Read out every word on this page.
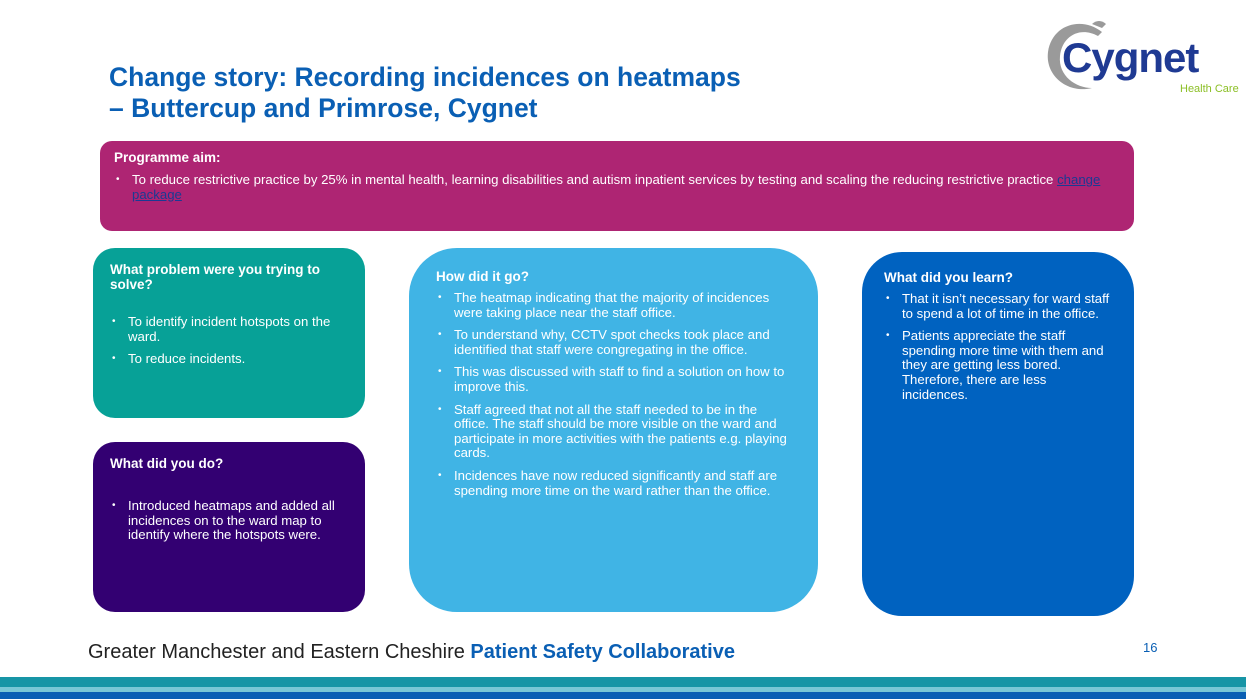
Change story: Recording incidences on heatmaps
– Buttercup and Primrose, Cygnet
Cygnet
Health Care
Programme aim:
• To reduce restrictive practice by 25% in mental health, learning disabilities and autism inpatient services by testing and scaling the reducing restrictive practice change package
What problem were you trying to solve?
• To identify incident hotspots on the ward.
• To reduce incidents.
What did you do?
• Introduced heatmaps and added all incidences on to the ward map to identify where the hotspots were.
How did it go?
• The heatmap indicating that the majority of incidences were taking place near the staff office.
• To understand why, CCTV spot checks took place and identified that staff were congregating in the office.
• This was discussed with staff to find a solution on how to improve this.
• Staff agreed that not all the staff needed to be in the office. The staff should be more visible on the ward and participate in more activities with the patients e.g. playing cards.
• Incidences have now reduced significantly and staff are spending more time on the ward rather than the office.
What did you learn?
• That it isn’t necessary for ward staff to spend a lot of time in the office.
• Patients appreciate the staff spending more time with them and they are getting less bored. Therefore, there are less incidences.
Greater Manchester and Eastern Cheshire Patient Safety Collaborative	16
